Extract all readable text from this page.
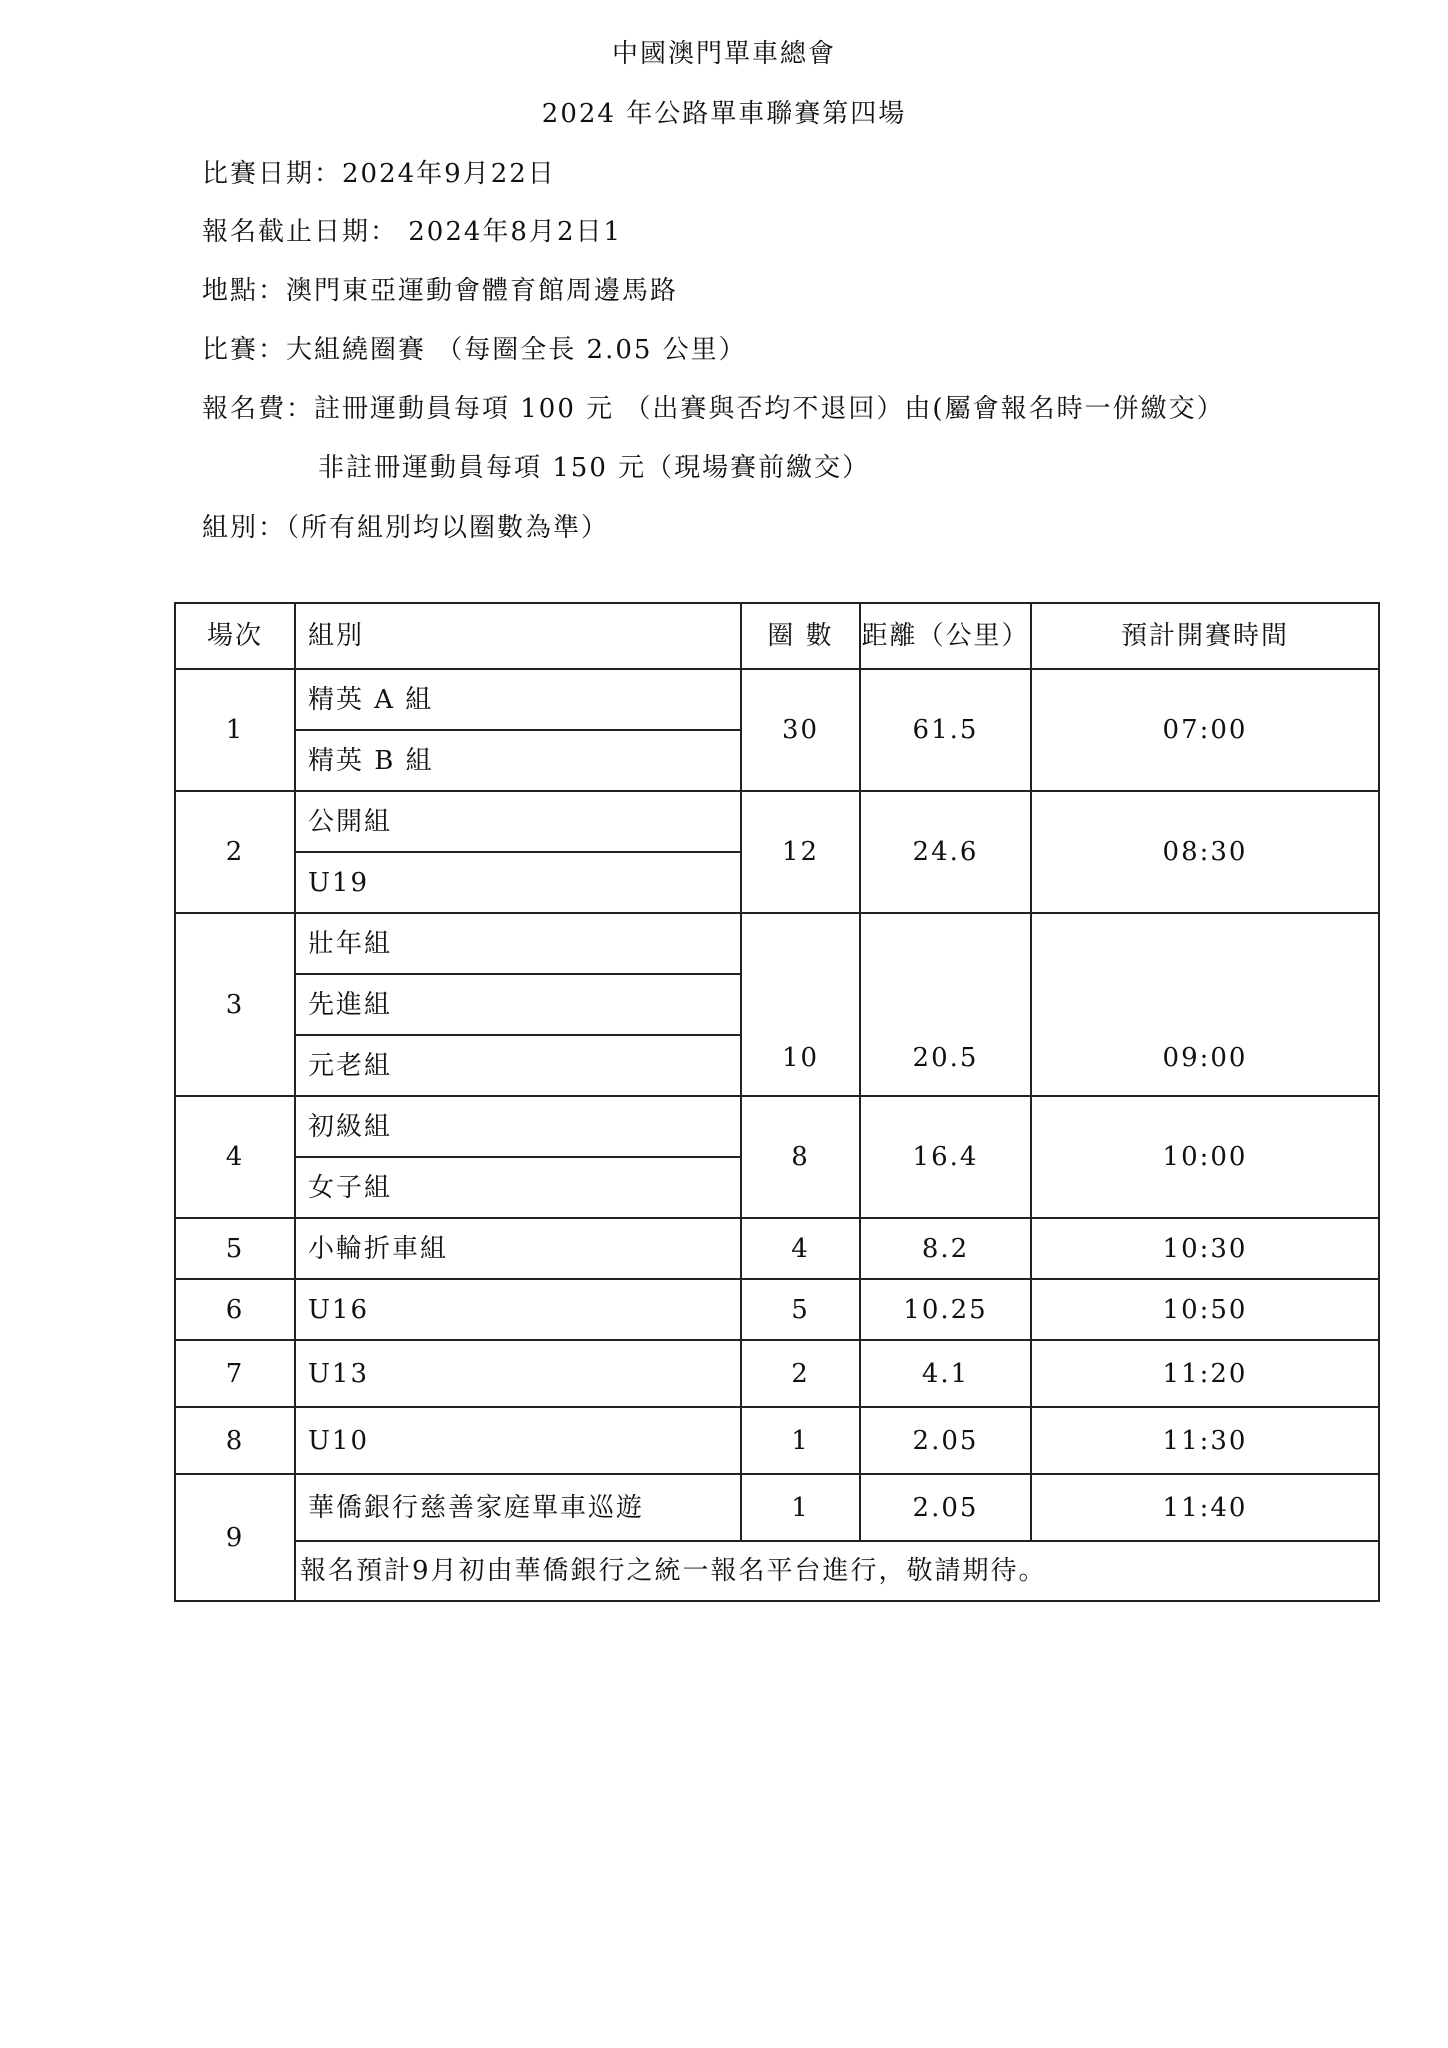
中國澳門單車總會
2024 年公路單車聯賽第四場
比賽日期：2024年9月22日
報名截止日期： 2024年8月2日1
地點：澳門東亞運動會體育館周邊馬路
比賽：大組繞圈賽 （每圈全長 2.05 公里）
報名費：註冊運動員每項 100 元 （出賽與否均不退回）由(屬會報名時一併繳交）
非註冊運動員每項 150 元（現場賽前繳交）
組別：（所有組別均以圈數為準）
場次	組別	圈 數	距離（公里）	預計開賽時間
1	精英 A 組	30	61.5	07:00
	精英 B 組			
2	公開組	12	24.6	08:30
	U19			
3	壯年組	10	20.5	09:00
	先進組			
	元老組			
4	初級組	8	16.4	10:00
	女子組			
5	小輪折車組	4	8.2	10:30
6	U16	5	10.25	10:50
7	U13	2	4.1	11:20
8	U10	1	2.05	11:30
9	華僑銀行慈善家庭單車巡遊	1	2.05	11:40
	報名預計9月初由華僑銀行之統一報名平台進行，敬請期待。			
